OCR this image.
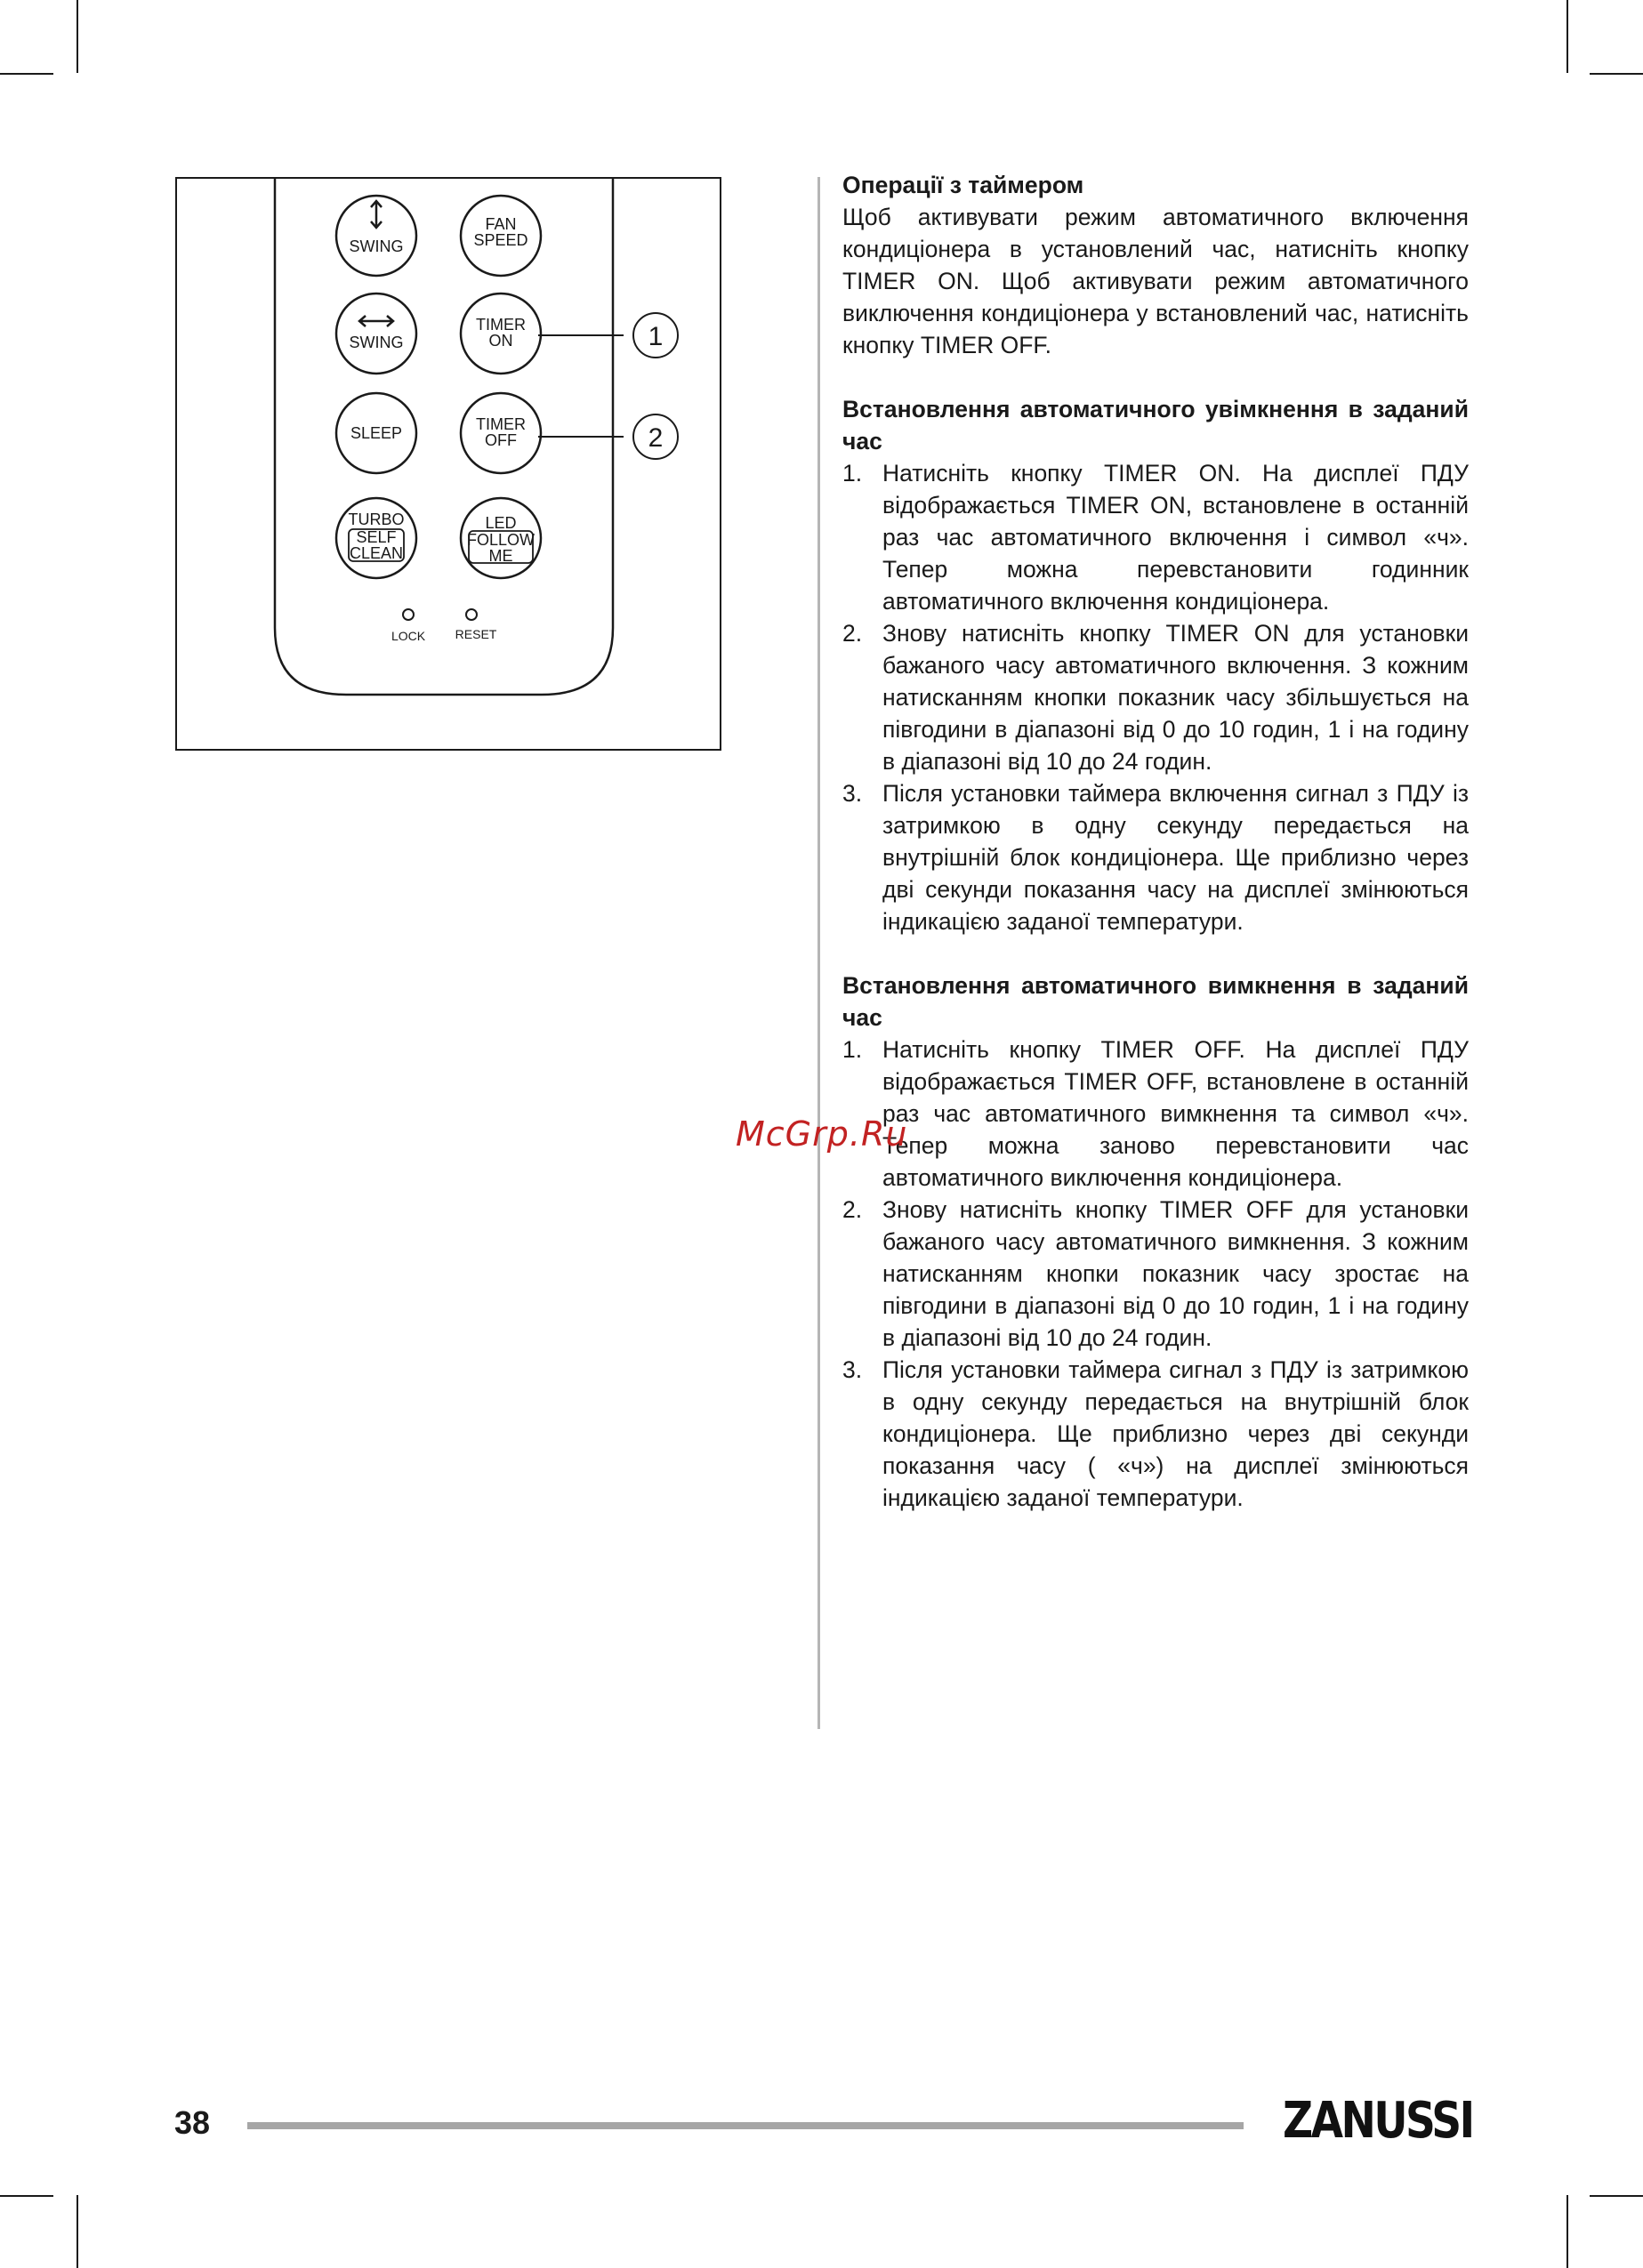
SWING
FAN
SPEED
SWING
TIMER
ON
SLEEP	TIMER
OFF
TURBO
SELF
CLEAN
LED
FOLLOW
ME
LOCK RESET
1
2

Операції з таймером

Щоб активувати режим автоматичного включення кондиціонера в установлений час, натисніть кнопку TIMER ON. Щоб активувати режим автоматичного виключення кондиціонера у встановлений час, натисніть кнопку TIMER OFF.

Встановлення автоматичного увімкнення в заданий час

1. Натисніть кнопку TIMER ON. На дисплеї ПДУ відображається TIMER ON, встановлене в останній раз час автоматичного включення і символ «ч». Тепер можна перевстановити годинник автоматичного включення кондиціонера.
2. Знову натисніть кнопку TIMER ON для установки бажаного часу автоматичного включення. З кожним натисканням кнопки показник часу збільшується на півгодини в діапазоні від 0 до 10 годин, 1 і на годину в діапазоні від 10 до 24 годин.
3. Після установки таймера включення сигнал з ПДУ із затримкою в одну секунду передається на внутрішній блок кондиціонера. Ще приблизно через дві секунди показання часу на дисплеї змінюються індикацією заданої температури.

Встановлення автоматичного вимкнення в заданий час

1. Натисніть кнопку TIMER OFF. На дисплеї ПДУ відображається TIMER OFF, встановлене в останній раз час автоматичного вимкнення та символ «ч». Тепер можна заново перевстановити час автоматичного виключення кондиціонера.
2. Знову натисніть кнопку TIMER OFF для установки бажаного часу автоматичного вимкнення. З кожним натисканням кнопки показник часу зростає на півгодини в діапазоні від 0 до 10 годин, 1 і на годину в діапазоні від 10 до 24 годин.
3. Після установки таймера сигнал з ПДУ із затримкою в одну секунду передається на внутрішній блок кондиціонера. Ще приблизно через дві секунди показання часу ( «ч») на дисплеї змінюються індикацією заданої температури.
McGrp.Ru
38	ZANUSSI
